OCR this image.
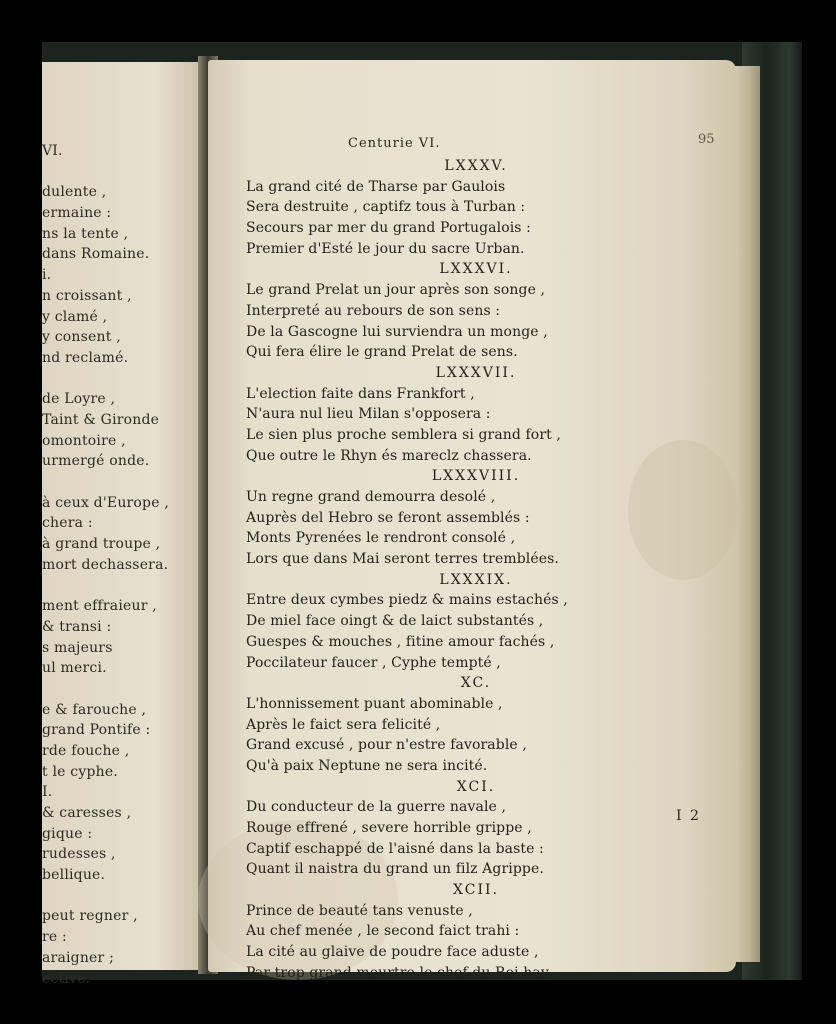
VI.
dulente ,
ermaine :
ns la tente ,
dans Romaine.
i.
n croissant ,
y clamé ,
y consent ,
nd reclamé.
de Loyre ,
Taint & Gironde
omontoire ,
urmergé onde.
à ceux d'Europe ,
chera :
à grand troupe ,
mort dechassera.
ment effraieur ,
& transi :
s majeurs
ul merci.
e & farouche ,
grand Pontife :
rde fouche ,
t le cyphe.
I.
& caresses ,
gique :
rudesses ,
bellique.
peut regner ,
re :
araigner ;
ective.
Centurie VI.	95
LXXXV.
La grand cité de Tharse par Gaulois
Sera destruite , captifz tous à Turban :
Secours par mer du grand Portugalois :
Premier d'Esté le jour du sacre Urban.
LXXXVI.
Le grand Prelat un jour après son songe ,
Interpreté au rebours de son sens :
De la Gascogne lui surviendra un monge ,
Qui fera élire le grand Prelat de sens.
LXXXVII.
L'election faite dans Frankfort ,
N'aura nul lieu Milan s'opposera :
Le sien plus proche semblera si grand fort ,
Que outre le Rhyn és mareclz chassera.
LXXXVIII.
Un regne grand demourra desolé ,
Auprès del Hebro se feront assemblés :
Monts Pyrenées le rendront consolé ,
Lors que dans Mai seront terres tremblées.
LXXXIX.
Entre deux cymbes piedz & mains estachés ,
De miel face oingt & de laict substantés ,
Guespes & mouches , fitine amour fachés ,
Poccilateur faucer , Cyphe tempté ,
XC.
L'honnissement puant abominable ,
Après le faict sera felicité ,
Grand excusé , pour n'estre favorable ,
Qu'à paix Neptune ne sera incité.
XCI.
Du conducteur de la guerre navale ,
Rouge effrené , severe horrible grippe ,
Captif eschappé de l'aisné dans la baste :
Quant il naistra du grand un filz Agrippe.
XCII.
Prince de beauté tans venuste ,
Au chef menée , le second faict trahi :
La cité au glaive de poudre face aduste ,
Par trop grand meurtre le chef du Roi hay.
I 2
